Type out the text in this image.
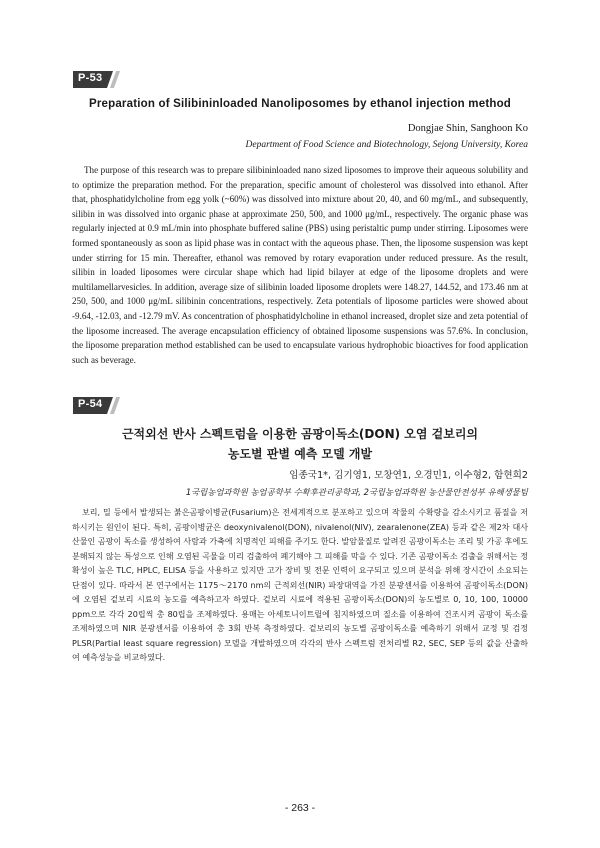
P-53
Preparation of Silibininloaded Nanoliposomes by ethanol injection method
Dongjae Shin, Sanghoon Ko
Department of Food Science and Biotechnology, Sejong University, Korea

The purpose of this research was to prepare silibininloaded nano sized liposomes to improve their aqueous solubility and to optimize the preparation method. For the preparation, specific amount of cholesterol was dissolved into ethanol. After that, phosphatidylcholine from egg yolk (~60%) was dissolved into mixture about 20, 40, and 60 mg/mL, and subsequently, silibin in was dissolved into organic phase at approximate 250, 500, and 1000 μg/mL, respectively. The organic phase was regularly injected at 0.9 mL/min into phosphate buffered saline (PBS) using peristaltic pump under stirring. Liposomes were formed spontaneously as soon as lipid phase was in contact with the aqueous phase. Then, the liposome suspension was kept under stirring for 15 min. Thereafter, ethanol was removed by rotary evaporation under reduced pressure. As the result, silibin in loaded liposomes were circular shape which had lipid bilayer at edge of the liposome droplets and were multilamellarvesicles. In addition, average size of silibinin loaded liposome droplets were 148.27, 144.52, and 173.46 nm at 250, 500, and 1000 μg/mL silibinin concentrations, respectively. Zeta potentials of liposome particles were showed about -9.64, -12.03, and -12.79 mV. As concentration of phosphatidylcholine in ethanol increased, droplet size and zeta potential of the liposome increased. The average encapsulation efficiency of obtained liposome suspensions was 57.6%. In conclusion, the liposome preparation method established can be used to encapsulate various hydrophobic bioactives for food application such as beverage.

P-54
근적외선 반사 스펙트럼을 이용한 곰팡이독소(DON) 오염 겉보리의
농도별 판별 예측 모델 개발
임종국1*, 김기영1, 모창연1, 오경민1, 이수형2, 함현희2
1국립농업과학원 농업공학부 수확후관리공학과, 2국립농업과학원 농산물안전성부 유해생물팀

보리, 밀 등에서 발생되는 붉은곰팡이병균(Fusarium)은 전세계적으로 분포하고 있으며 작물의 수확량을 감소시키고 품질을 저하시키는 원인이 된다. 특히, 곰팡이병균은 deoxynivalenol(DON), nivalenol(NIV), zearalenone(ZEA) 등과 같은 제2차 대사산물인 곰팡이 독소를 생성하여 사람과 가축에 치명적인 피해를 주기도 한다. 발암물질로 알려진 곰팡이독소는 조리 및 가공 후에도 분해되지 않는 특성으로 인해 오염된 곡물을 미리 검출하여 폐기해야 그 피해를 막을 수 있다. 기존 곰팡이독소 검출을 위해서는 정확성이 높은 TLC, HPLC, ELISA 등을 사용하고 있지만 고가 장비 및 전문 인력이 요구되고 있으며 분석을 위해 장시간이 소요되는 단점이 있다. 따라서 본 연구에서는 1175～2170 nm의 근적외선(NIR) 파장대역을 가진 분광센서를 이용하여 곰팡이독소(DON)에 오염된 겉보리 시료의 농도를 예측하고자 하였다. 겉보리 시료에 적용된 곰팡이독소(DON)의 농도별로 0, 10, 100, 10000 ppm으로 각각 20립씩 총 80립을 조제하였다. 용매는 아세토니이트릴에 침지하였으며 질소를 이용하여 건조시켜 곰팡이 독소를 조제하였으며 NIR 분광센서를 이용하여 총 3회 반복 측정하였다. 겉보리의 농도별 곰팡이독소를 예측하기 위해서 교정 및 검정 PLSR(Partial least square regression) 모델을 개발하였으며 각각의 반사 스펙트럼 전처리별 R2, SEC, SEP 등의 값을 산출하여 예측성능을 비교하였다.

- 263 -
